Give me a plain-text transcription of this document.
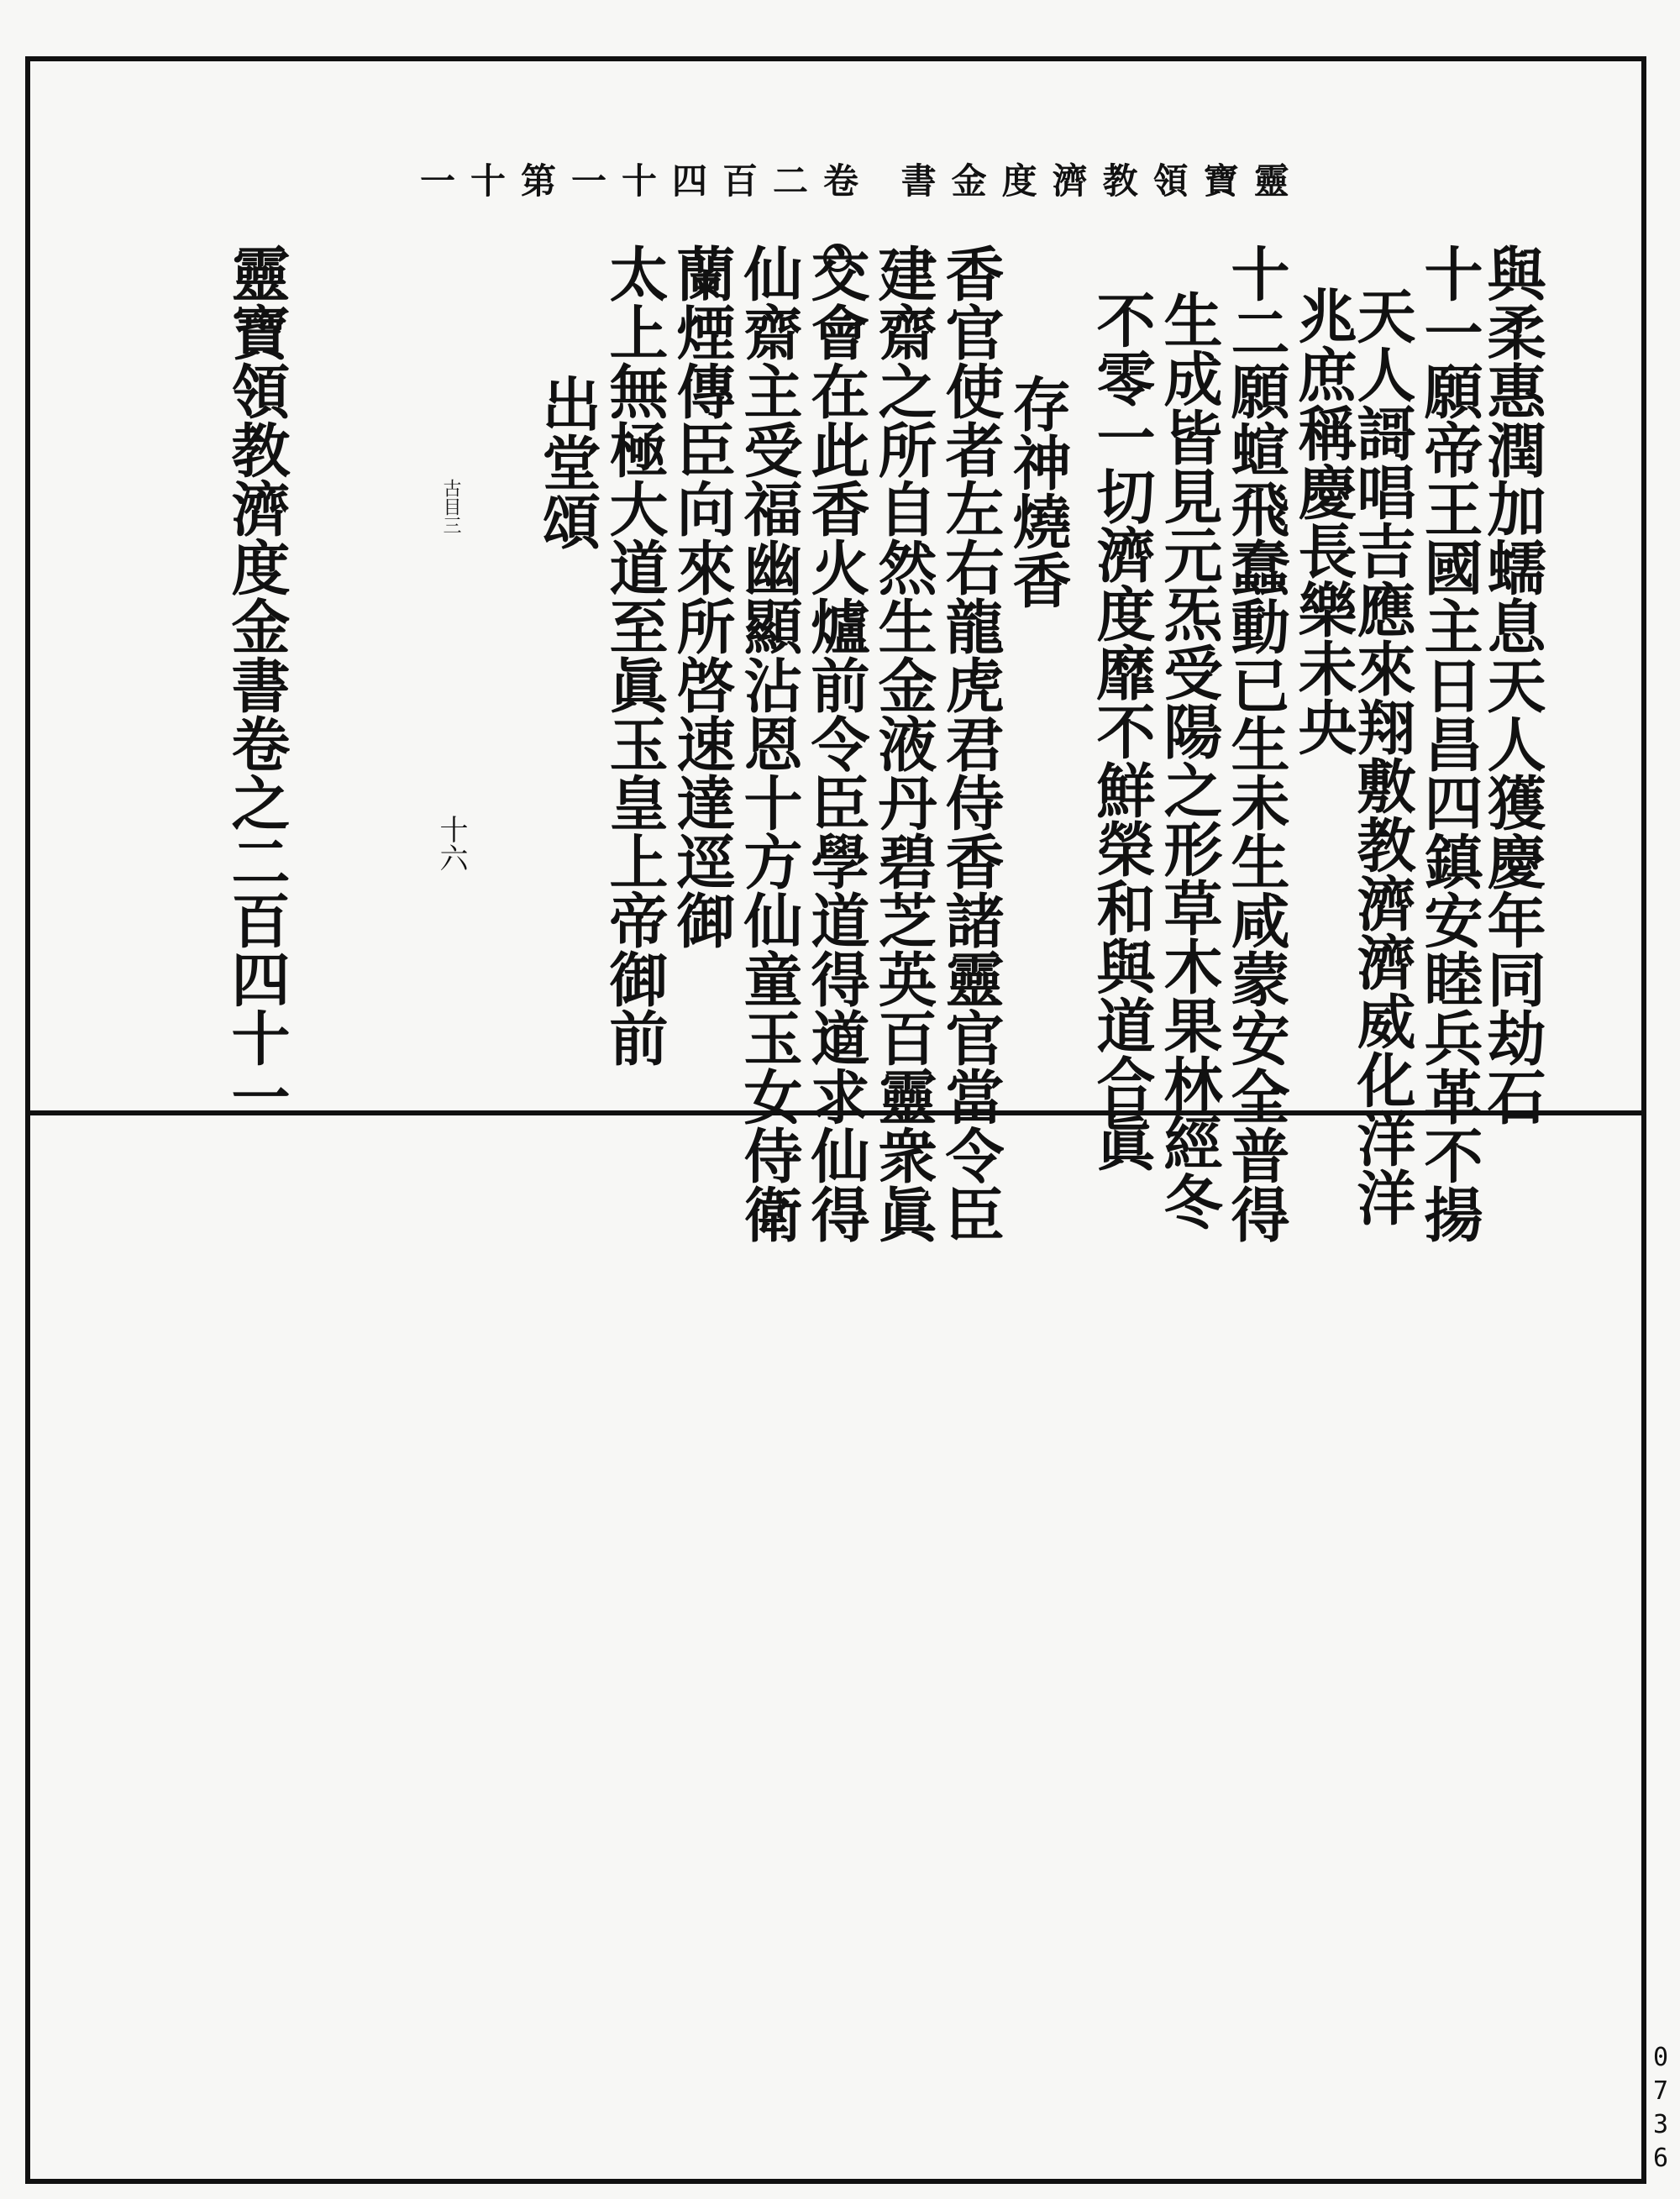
靈寶領教濟度金書 卷二百四十一第十一
與柔惠潤加蠕息天人獲慶年同劫石
十一願帝王國主日昌四鎮安睦兵革不揚
天人謌唱吉應來翔敷教濟濟威化洋洋
兆庶稱慶長樂未央
十二願蝖飛蠢動已生未生咸蒙安全普得
生成皆見元炁受陽之形草木果林經冬
不零一切濟度靡不鮮榮和與道合眞
存神燒香
香官使者左右龍虎君侍香諸靈官當令臣
建齋之所自然生金液丹碧芝英百靈衆眞
交會在此香火爐前令臣學道得道求仙得
仙齋主受福幽顯沾恩十方仙童玉女侍衛
蘭煙傳臣向來所啓速達逕御
太上無極大道至眞玉皇上帝御前
出堂頌
古目三
十六
靈寶領教濟度金書卷之二百四十一
0
7
3
6
